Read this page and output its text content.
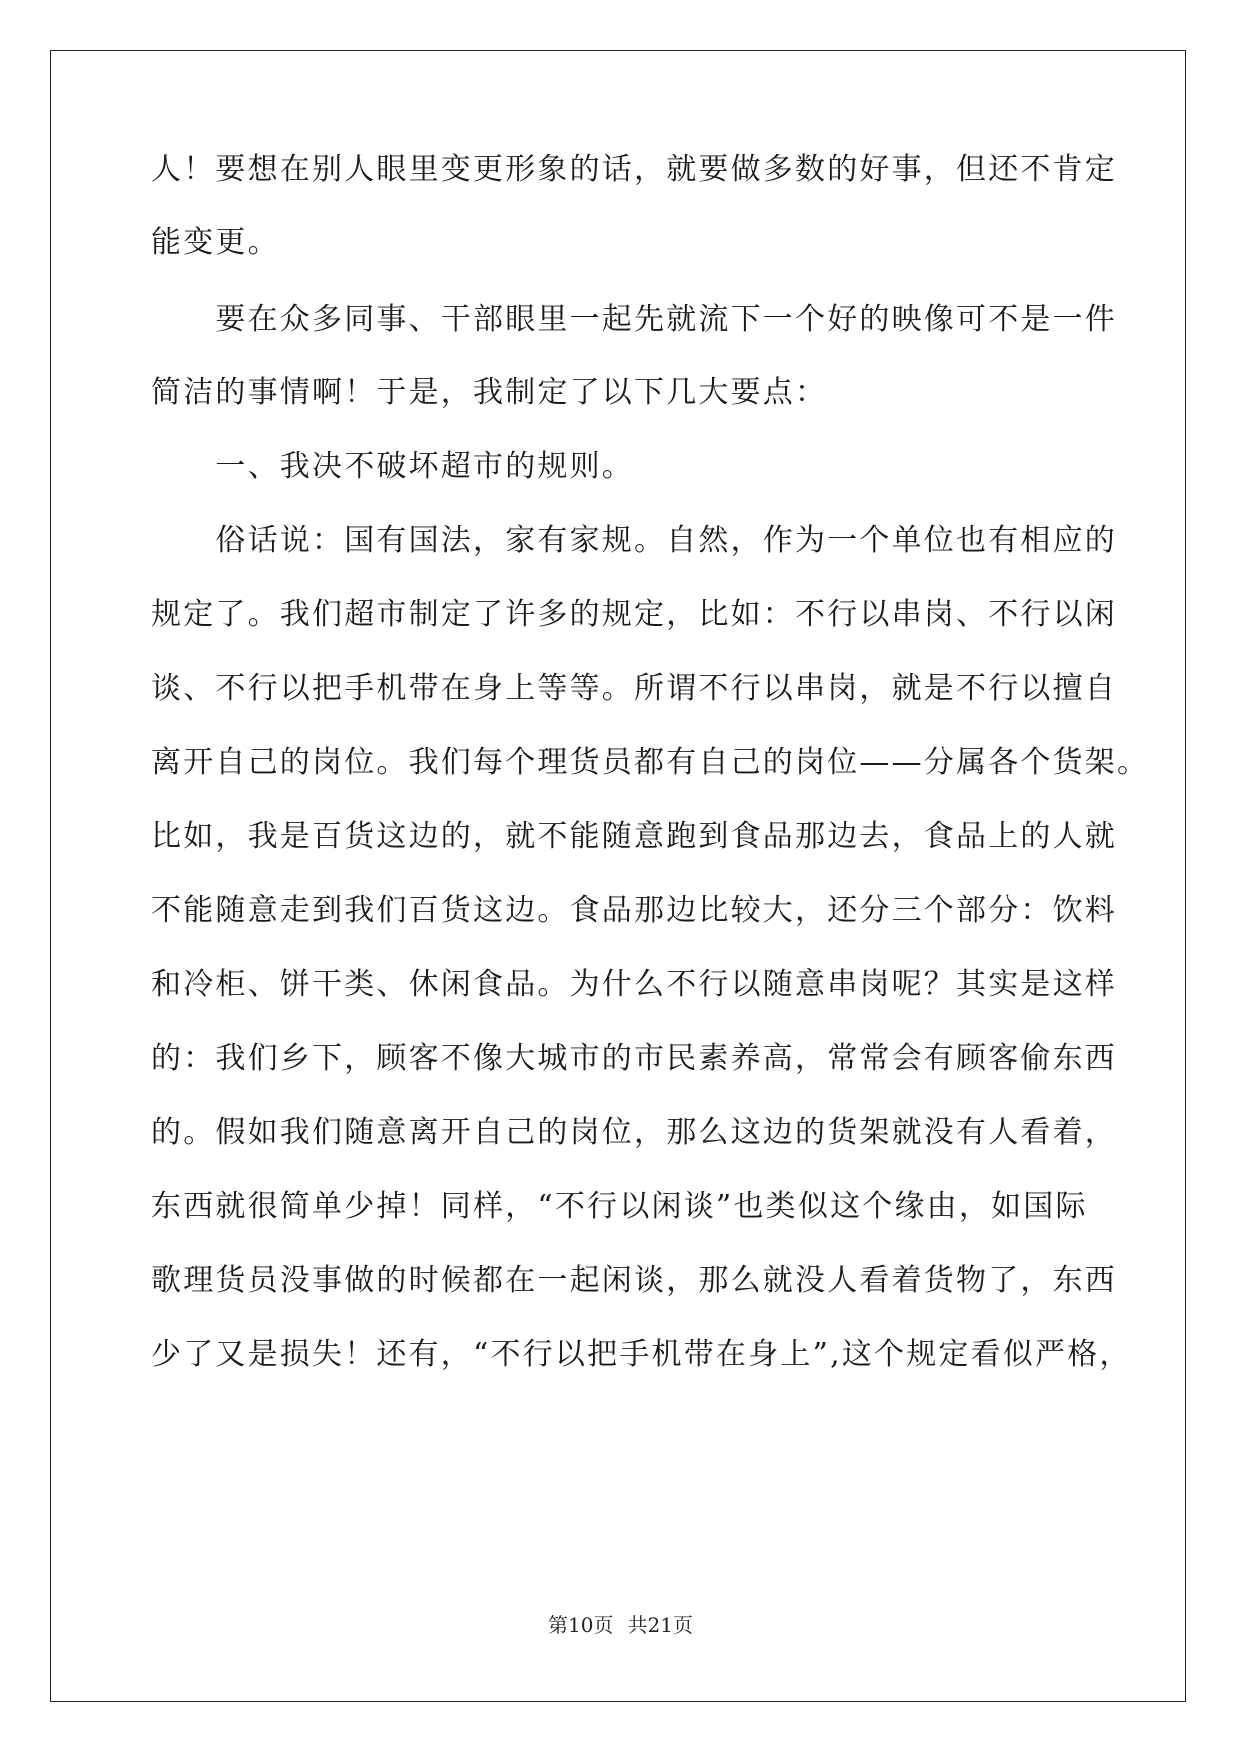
人！要想在别人眼里变更形象的话，就要做多数的好事，但还不肯定
能变更。
　　要在众多同事、干部眼里一起先就流下一个好的映像可不是一件
简洁的事情啊！于是，我制定了以下几大要点：
　　一、我决不破坏超市的规则。
　　俗话说：国有国法，家有家规。自然，作为一个单位也有相应的
规定了。我们超市制定了许多的规定，比如：不行以串岗、不行以闲
谈、不行以把手机带在身上等等。所谓不行以串岗，就是不行以擅自
离开自己的岗位。我们每个理货员都有自己的岗位——分属各个货架。
比如，我是百货这边的，就不能随意跑到食品那边去，食品上的人就
不能随意走到我们百货这边。食品那边比较大，还分三个部分：饮料
和冷柜、饼干类、休闲食品。为什么不行以随意串岗呢？其实是这样
的：我们乡下，顾客不像大城市的市民素养高，常常会有顾客偷东西
的。假如我们随意离开自己的岗位，那么这边的货架就没有人看着，
东西就很简单少掉！同样，“不行以闲谈”也类似这个缘由，如国际
歌理货员没事做的时候都在一起闲谈，那么就没人看着货物了，东西
少了又是损失！还有，“不行以把手机带在身上”,这个规定看似严格，
第10页 共21页
